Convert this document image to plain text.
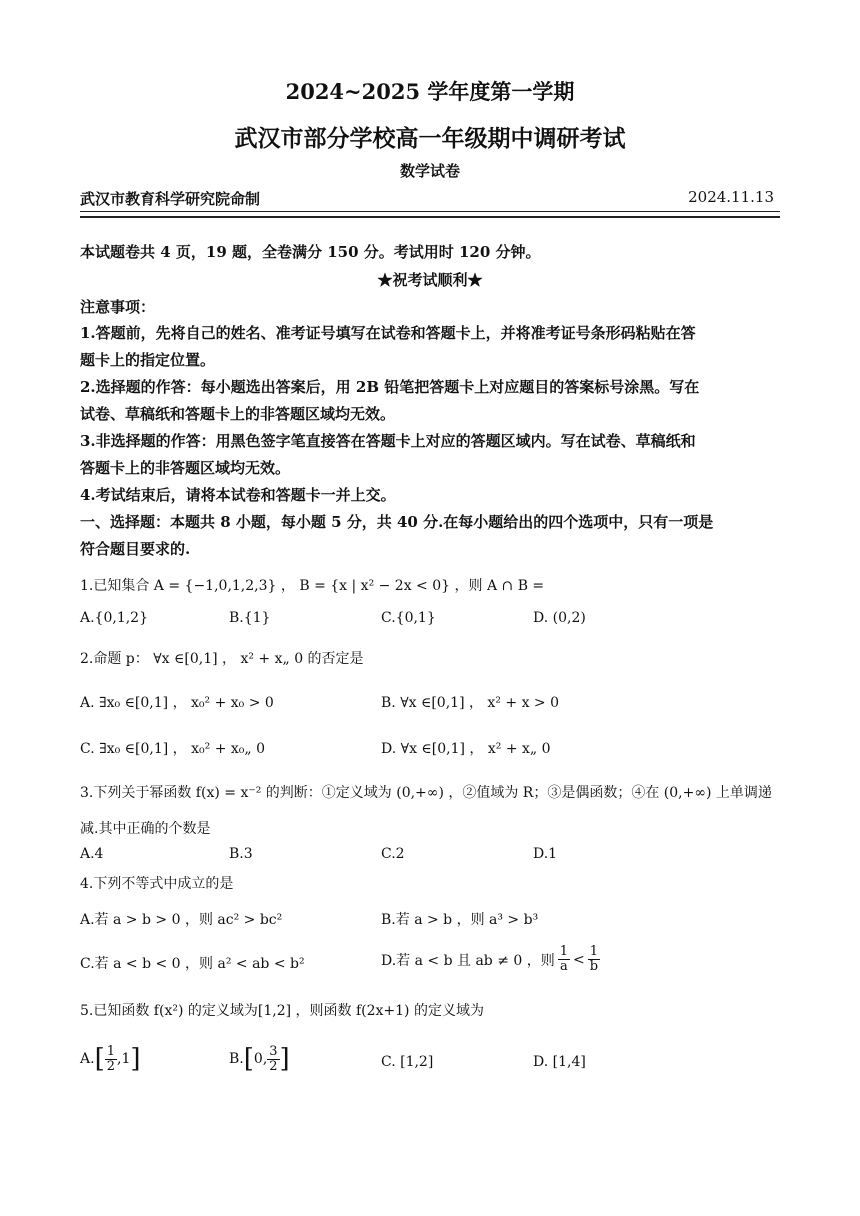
2024~2025 学年度第一学期
武汉市部分学校高一年级期中调研考试
数学试卷
武汉市教育科学研究院命制	2024.11.13
本试题卷共 4 页，19 题，全卷满分 150 分。考试用时 120 分钟。
★祝考试顺利★
注意事项：
1.答题前，先将自己的姓名、准考证号填写在试卷和答题卡上，并将准考证号条形码粘贴在答
题卡上的指定位置。
2.选择题的作答：每小题选出答案后，用 2B 铅笔把答题卡上对应题目的答案标号涂黑。写在
试卷、草稿纸和答题卡上的非答题区域均无效。
3.非选择题的作答：用黑色签字笔直接答在答题卡上对应的答题区域内。写在试卷、草稿纸和
答题卡上的非答题区域均无效。
4.考试结束后，请将本试卷和答题卡一并上交。
一、选择题：本题共 8 小题，每小题 5 分，共 40 分.在每小题给出的四个选项中，只有一项是
符合题目要求的.
1.已知集合 A = {−1,0,1,2,3} ， B = {x | x² − 2x < 0} ，则 A ∩ B =
A.{0,1,2}	B.{1}	C.{0,1}	D. (0,2)
2.命题 p： ∀x ∈[0,1] ， x² + x„ 0 的否定是
A. ∃x₀ ∈[0,1] ， x₀² + x₀ > 0	B. ∀x ∈[0,1] ， x² + x > 0
C. ∃x₀ ∈[0,1] ， x₀² + x₀„ 0	D. ∀x ∈[0,1] ， x² + x„ 0
3.下列关于幂函数 f(x) = x⁻² 的判断：①定义域为 (0,+∞) ，②值域为 R；③是偶函数；④在 (0,+∞) 上单调递
减.其中正确的个数是
A.4	B.3	C.2	D.1
4.下列不等式中成立的是
A.若 a > b > 0 ，则 ac² > bc²	B.若 a > b ，则 a³ > b³
C.若 a < b < 0 ，则 a² < ab < b²	D.若 a < b 且 ab ≠ 0 ，则 $\frac{1}{a} < \frac{1}{b}$
5.已知函数 f(x²) 的定义域为[1,2] ，则函数 f(2x+1) 的定义域为
A. [ $\frac{1}{2} ,1$ ]	B. [ 0, $\frac{3}{2}$ ]	C. [1,2]	D. [1,4]
